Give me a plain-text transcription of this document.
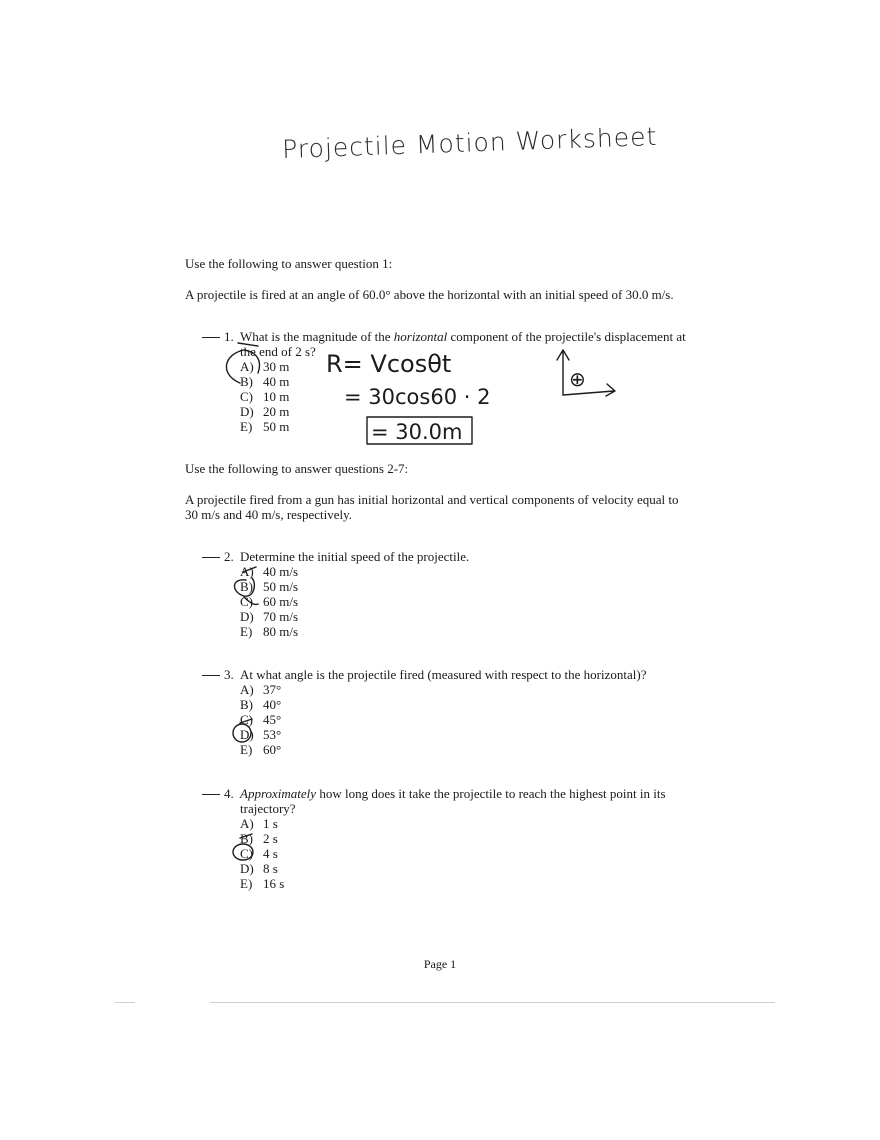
Projectile Motion Worksheet
Use the following to answer question 1:
A projectile is fired at an angle of 60.0° above the horizontal with an initial speed of 30.0 m/s.
1. What is the magnitude of the horizontal component of the projectile's displacement at
the end of 2 s?
A) 30 m
B) 40 m
C) 10 m
D) 20 m
E) 50 m
Use the following to answer questions 2-7:
A projectile fired from a gun has initial horizontal and vertical components of velocity equal to
30 m/s and 40 m/s, respectively.
2. Determine the initial speed of the projectile.
A) 40 m/s
B) 50 m/s
C) 60 m/s
D) 70 m/s
E) 80 m/s
3. At what angle is the projectile fired (measured with respect to the horizontal)?
A) 37°
B) 40°
C) 45°
D) 53°
E) 60°
4. Approximately how long does it take the projectile to reach the highest point in its
trajectory?
A) 1 s
B) 2 s
C) 4 s
D) 8 s
E) 16 s
Page 1
R= Vcosθt
= 30cos60 · 2
= 30.0m
⊕
